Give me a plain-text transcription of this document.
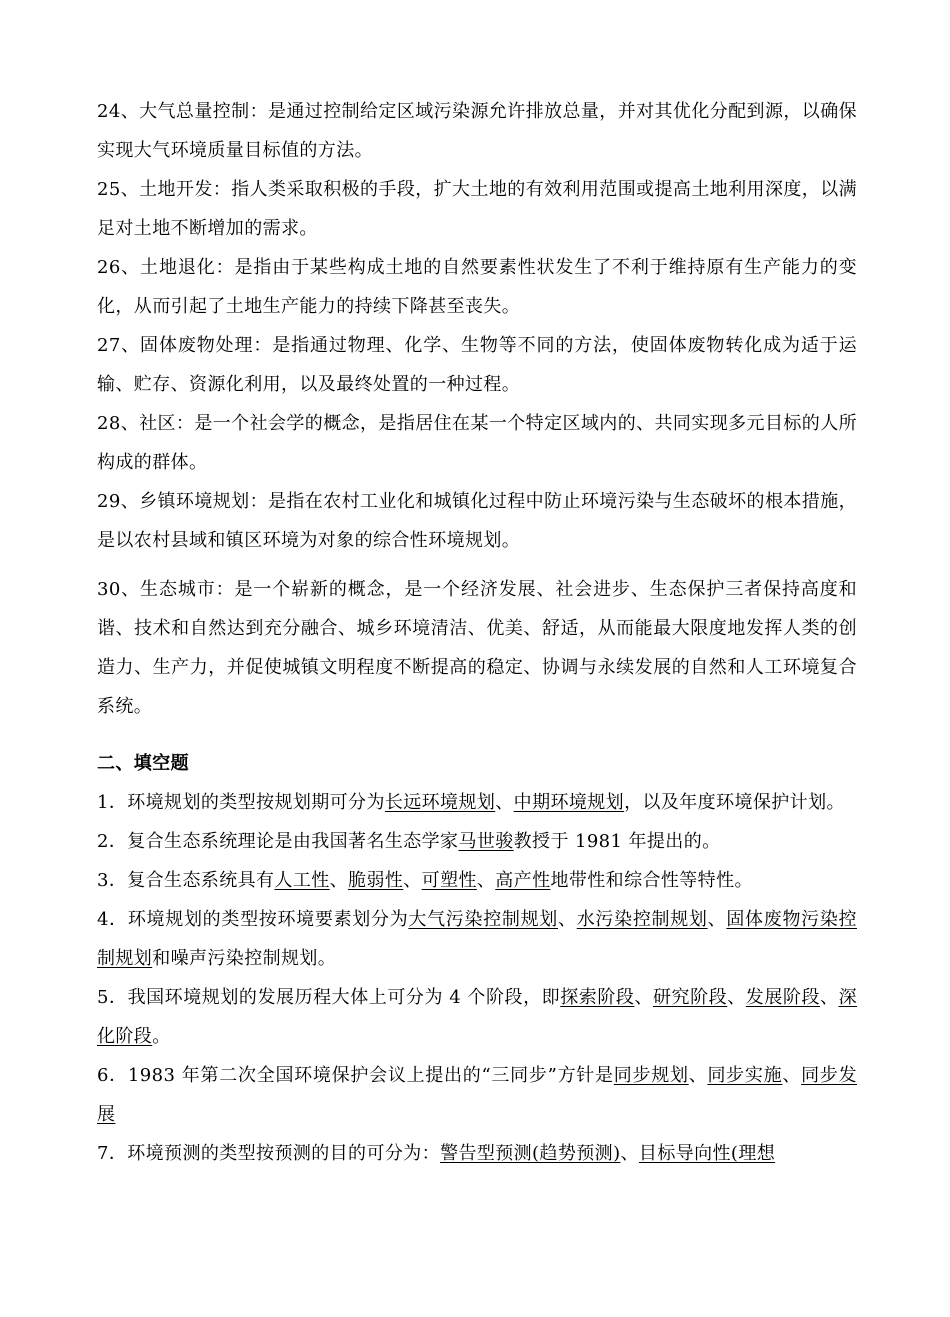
24、大气总量控制：是通过控制给定区域污染源允许排放总量，并对其优化分配到源，以确保实现大气环境质量目标值的方法。

25、土地开发：指人类采取积极的手段，扩大土地的有效利用范围或提高土地利用深度，以满足对土地不断增加的需求。

26、土地退化：是指由于某些构成土地的自然要素性状发生了不利于维持原有生产能力的变化，从而引起了土地生产能力的持续下降甚至丧失。

27、固体废物处理：是指通过物理、化学、生物等不同的方法，使固体废物转化成为适于运输、贮存、资源化利用，以及最终处置的一种过程。

28、社区：是一个社会学的概念，是指居住在某一个特定区域内的、共同实现多元目标的人所构成的群体。

29、乡镇环境规划：是指在农村工业化和城镇化过程中防止环境污染与生态破坏的根本措施，是以农村县域和镇区环境为对象的综合性环境规划。

30、生态城市：是一个崭新的概念，是一个经济发展、社会进步、生态保护三者保持高度和谐、技术和自然达到充分融合、城乡环境清洁、优美、舒适，从而能最大限度地发挥人类的创造力、生产力，并促使城镇文明程度不断提高的稳定、协调与永续发展的自然和人工环境复合系统。

二、填空题

1．环境规划的类型按规划期可分为长远环境规划、中期环境规划，以及年度环境保护计划。

2．复合生态系统理论是由我国著名生态学家马世骏教授于 1981 年提出的。

3．复合生态系统具有人工性、脆弱性、可塑性、高产性地带性和综合性等特性。

4．环境规划的类型按环境要素划分为大气污染控制规划、水污染控制规划、固体废物污染控制规划和噪声污染控制规划。

5．我国环境规划的发展历程大体上可分为 4 个阶段，即探索阶段、研究阶段、发展阶段、深化阶段。

6．1983 年第二次全国环境保护会议上提出的“三同步”方针是同步规划、同步实施、同步发展

7．环境预测的类型按预测的目的可分为：警告型预测(趋势预测)、目标导向性(理想
